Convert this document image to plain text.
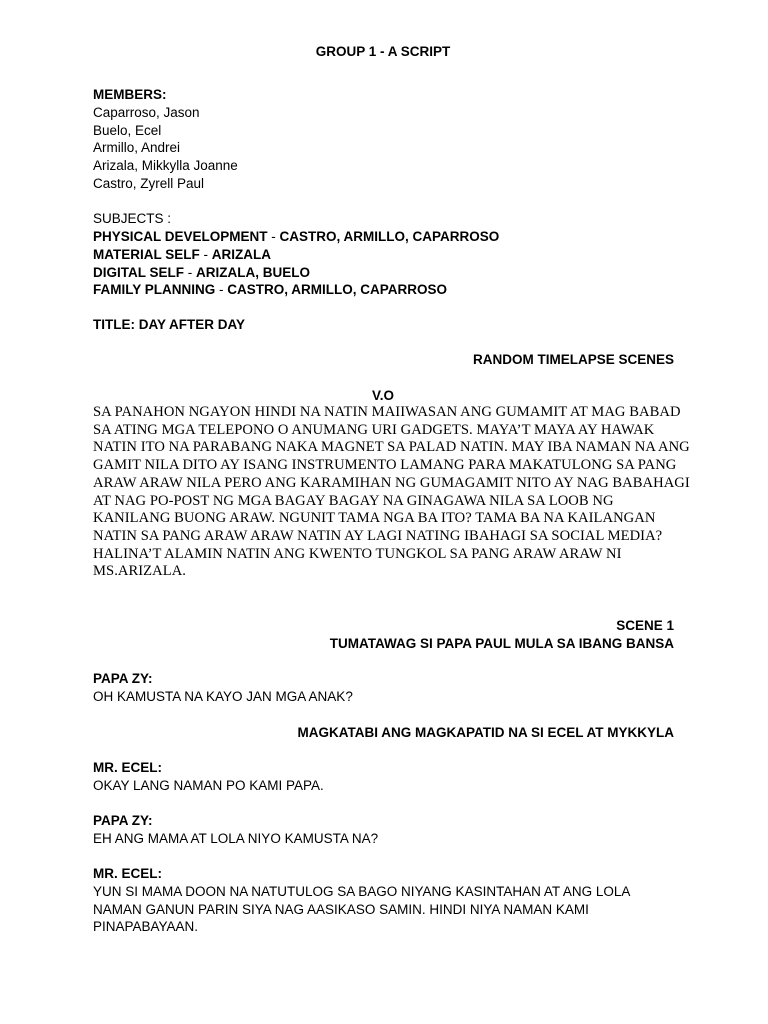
GROUP 1 - A SCRIPT
MEMBERS:
Caparroso, Jason
Buelo, Ecel
Armillo, Andrei
Arizala, Mikkylla Joanne
Castro, Zyrell Paul
SUBJECTS :
PHYSICAL DEVELOPMENT - CASTRO, ARMILLO, CAPARROSO
MATERIAL SELF - ARIZALA
DIGITAL SELF - ARIZALA, BUELO
FAMILY PLANNING - CASTRO, ARMILLO, CAPARROSO
TITLE: DAY AFTER DAY
RANDOM TIMELAPSE SCENES
V.O
SA PANAHON NGAYON HINDI NA NATIN MAIIWASAN ANG GUMAMIT AT MAG BABAD
SA ATING MGA TELEPONO O ANUMANG URI GADGETS. MAYA’T MAYA AY HAWAK
NATIN ITO NA PARABANG NAKA MAGNET SA PALAD NATIN. MAY IBA NAMAN NA ANG
GAMIT NILA DITO AY ISANG INSTRUMENTO LAMANG PARA MAKATULONG SA PANG
ARAW ARAW NILA PERO ANG KARAMIHAN NG GUMAGAMIT NITO AY NAG BABAHAGI
AT NAG PO-POST NG MGA BAGAY BAGAY NA GINAGAWA NILA SA LOOB NG
KANILANG BUONG ARAW. NGUNIT TAMA NGA BA ITO? TAMA BA NA KAILANGAN
NATIN SA PANG ARAW ARAW NATIN AY LAGI NATING IBAHAGI SA SOCIAL MEDIA?
HALINA’T ALAMIN NATIN ANG KWENTO TUNGKOL SA PANG ARAW ARAW NI
MS.ARIZALA.
SCENE 1
TUMATAWAG SI PAPA PAUL MULA SA IBANG BANSA
PAPA ZY:
OH KAMUSTA NA KAYO JAN MGA ANAK?
MAGKATABI ANG MAGKAPATID NA SI ECEL AT MYKKYLA
MR. ECEL:
OKAY LANG NAMAN PO KAMI PAPA.
PAPA ZY:
EH ANG MAMA AT LOLA NIYO KAMUSTA NA?
MR. ECEL:
YUN SI MAMA DOON NA NATUTULOG SA BAGO NIYANG KASINTAHAN AT ANG LOLA
NAMAN GANUN PARIN SIYA NAG AASIKASO SAMIN. HINDI NIYA NAMAN KAMI
PINAPABAYAAN.
